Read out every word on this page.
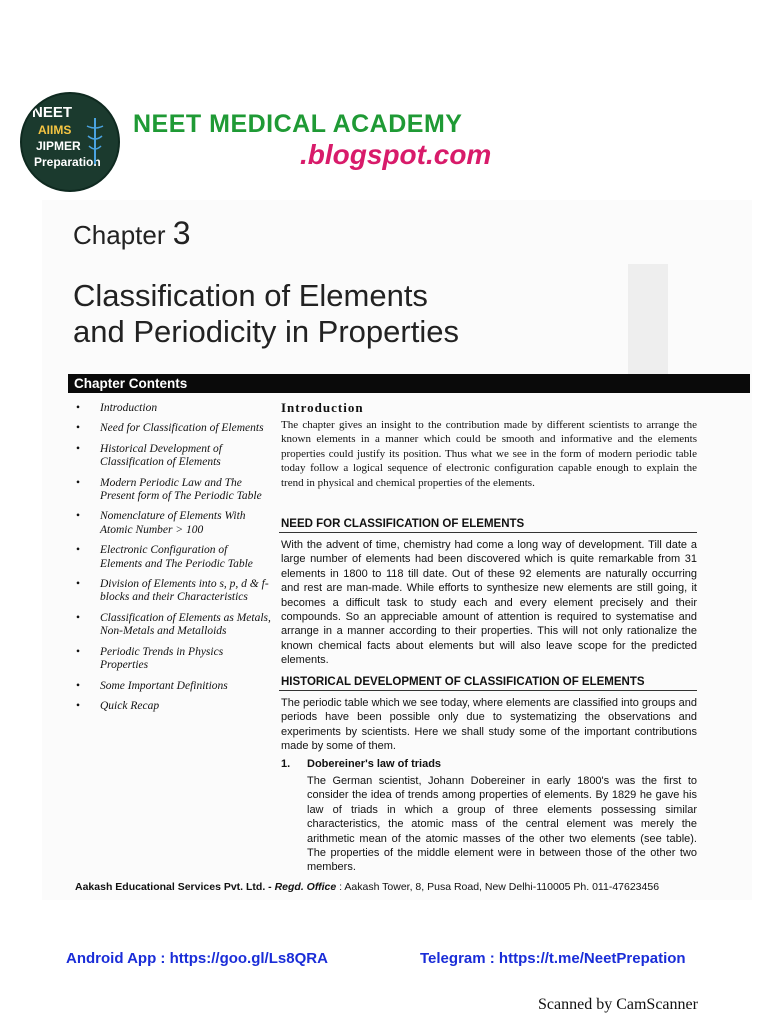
NEET
AIIMS
JIPMER
Preparation
NEET MEDICAL ACADEMY
.blogspot.com
Chapter 3
Classification of Elements
and Periodicity in Properties
Chapter Contents
• Introduction
• Need for Classification of Elements
• Historical Development of Classification of Elements
• Modern Periodic Law and The Present form of The Periodic Table
• Nomenclature of Elements With Atomic Number > 100
• Electronic Configuration of Elements and The Periodic Table
• Division of Elements into s, p, d & f-blocks and their Characteristics
• Classification of Elements as Metals, Non-Metals and Metalloids
• Periodic Trends in Physics Properties
• Some Important Definitions
• Quick Recap
Introduction
The chapter gives an insight to the contribution made by different scientists to arrange the known elements in a manner which could be smooth and informative and the elements properties could justify its position. Thus what we see in the form of modern periodic table today follow a logical sequence of electronic configuration capable enough to explain the trend in physical and chemical properties of the elements.
NEED FOR CLASSIFICATION OF ELEMENTS
With the advent of time, chemistry had come a long way of development. Till date a large number of elements had been discovered which is quite remarkable from 31 elements in 1800 to 118 till date. Out of these 92 elements are naturally occurring and rest are man-made. While efforts to synthesize new elements are still going, it becomes a difficult task to study each and every element precisely and their compounds. So an appreciable amount of attention is required to systematise and arrange in a manner according to their properties. This will not only rationalize the known chemical facts about elements but will also leave scope for the predicted elements.
HISTORICAL DEVELOPMENT OF CLASSIFICATION OF ELEMENTS
The periodic table which we see today, where elements are classified into groups and periods have been possible only due to systematizing the observations and experiments by scientists. Here we shall study some of the important contributions made by some of them.
1. Dobereiner's law of triads
The German scientist, Johann Dobereiner in early 1800's was the first to consider the idea of trends among properties of elements. By 1829 he gave his law of triads in which a group of three elements possessing similar characteristics, the atomic mass of the central element was merely the arithmetic mean of the atomic masses of the other two elements (see table). The properties of the middle element were in between those of the other two members.
Aakash Educational Services Pvt. Ltd. - Regd. Office : Aakash Tower, 8, Pusa Road, New Delhi-110005 Ph. 011-47623456
Android App : https://goo.gl/Ls8QRA	Telegram : https://t.me/NeetPrepation
Scanned by CamScanner
